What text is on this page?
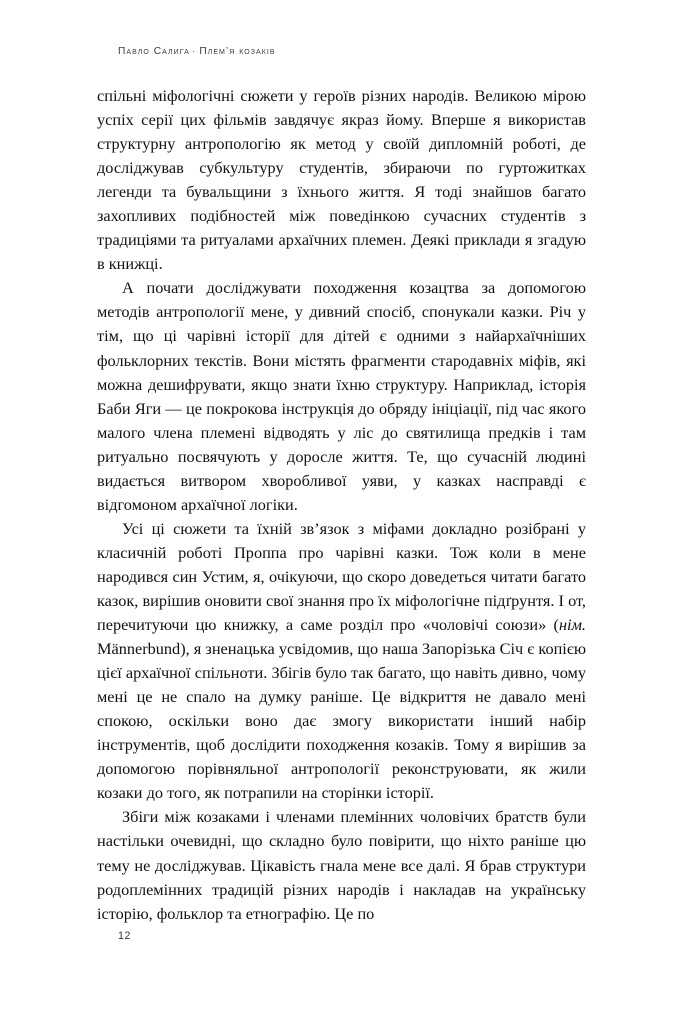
Павло Салига · Плем’я козаків

спільні міфологічні сюжети у героїв різних народів. Великою мірою успіх серії цих фільмів завдячує якраз йому. Вперше я використав структурну антропологію як метод у своїй дипломній роботі, де досліджував субкультуру студентів, збираючи по гуртожитках легенди та бувальщини з їхнього життя. Я тоді знайшов багато захопливих подібностей між поведінкою сучасних студентів з традиціями та ритуалами архаїчних племен. Деякі приклади я згадую в книжці.

А почати досліджувати походження козацтва за допомогою методів антропології мене, у дивний спосіб, спонукали казки. Річ у тім, що ці чарівні історії для дітей є одними з найархаїчніших фольклорних текстів. Вони містять фрагменти стародавніх міфів, які можна дешифрувати, якщо знати їхню структуру. Наприклад, історія Баби Яги — це покрокова інструкція до обряду ініціації, під час якого малого члена племені відводять у ліс до святилища предків і там ритуально посвячують у доросле життя. Те, що сучасній людині видається витвором хворобливої уяви, у казках насправді є відгомоном архаїчної логіки.

Усі ці сюжети та їхній зв’язок з міфами докладно розібрані у класичній роботі Проппа про чарівні казки. Тож коли в мене народився син Устим, я, очікуючи, що скоро доведеться читати багато казок, вирішив оновити свої знання про їх міфологічне підґрунтя. І от, перечитуючи цю книжку, а саме розділ про «чоловічі союзи» (нім. Männerbund), я зненацька усвідомив, що наша Запорізька Січ є копією цієї архаїчної спільноти. Збігів було так багато, що навіть дивно, чому мені це не спало на думку раніше. Це відкриття не давало мені спокою, оскільки воно дає змогу використати інший набір інструментів, щоб дослідити походження козаків. Тому я вирішив за допомогою порівняльної антропології реконструювати, як жили козаки до того, як потрапили на сторінки історії.

Збіги між козаками і членами племінних чоловічих братств були настільки очевидні, що складно було повірити, що ніхто раніше цю тему не досліджував. Цікавість гнала мене все далі. Я брав структури родоплемінних традицій різних народів і накладав на українську історію, фольклор та етнографію. Це по

12
